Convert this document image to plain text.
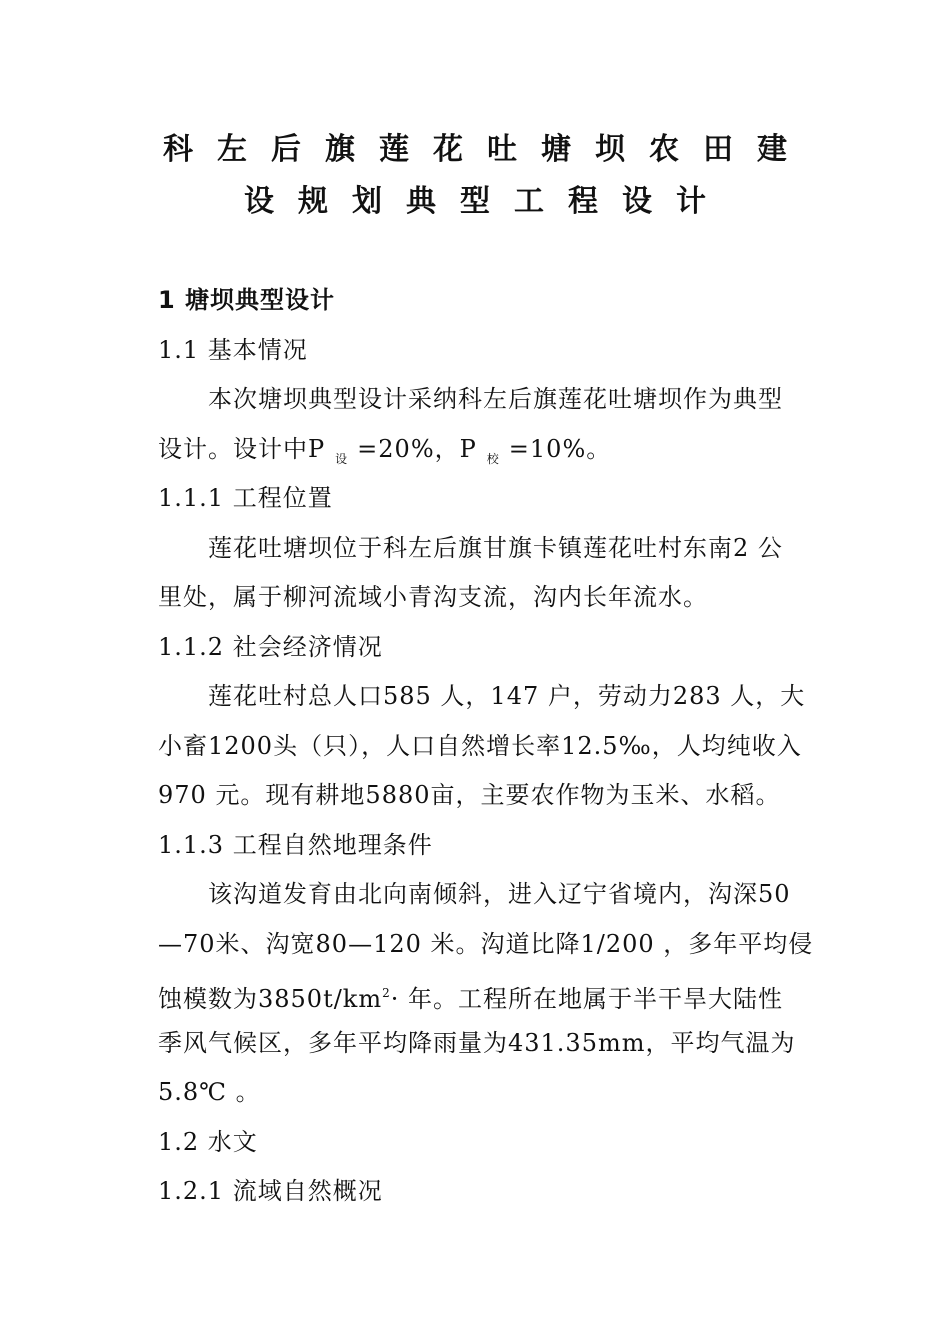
科左后旗莲花吐塘坝农田建
设规划典型工程设计
1 塘坝典型设计
1.1 基本情况
本次塘坝典型设计采纳科左后旗莲花吐塘坝作为典型
设计。设计中P $_设$ =20%，P $_校$ =10%。
1.1.1 工程位置
莲花吐塘坝位于科左后旗甘旗卡镇莲花吐村东南2 公
里处，属于柳河流域小青沟支流，沟内长年流水。
1.1.2 社会经济情况
莲花吐村总人口585 人，147 户，劳动力283 人，大
小畜1200头（只），人口自然增长率12.5‰，人均纯收入
970 元。现有耕地5880亩，主要农作物为玉米、水稻。
1.1.3 工程自然地理条件
该沟道发育由北向南倾斜，进入辽宁省境内，沟深50
—70米、沟宽80—120 米。沟道比降1/200 ，多年平均侵
蚀模数为$3850t/km^2\cdot$ 年。工程所在地属于半干旱大陆性
季风气候区，多年平均降雨量为431.35mm，平均气温为
5.8℃ 。
1.2 水文
1.2.1 流域自然概况
